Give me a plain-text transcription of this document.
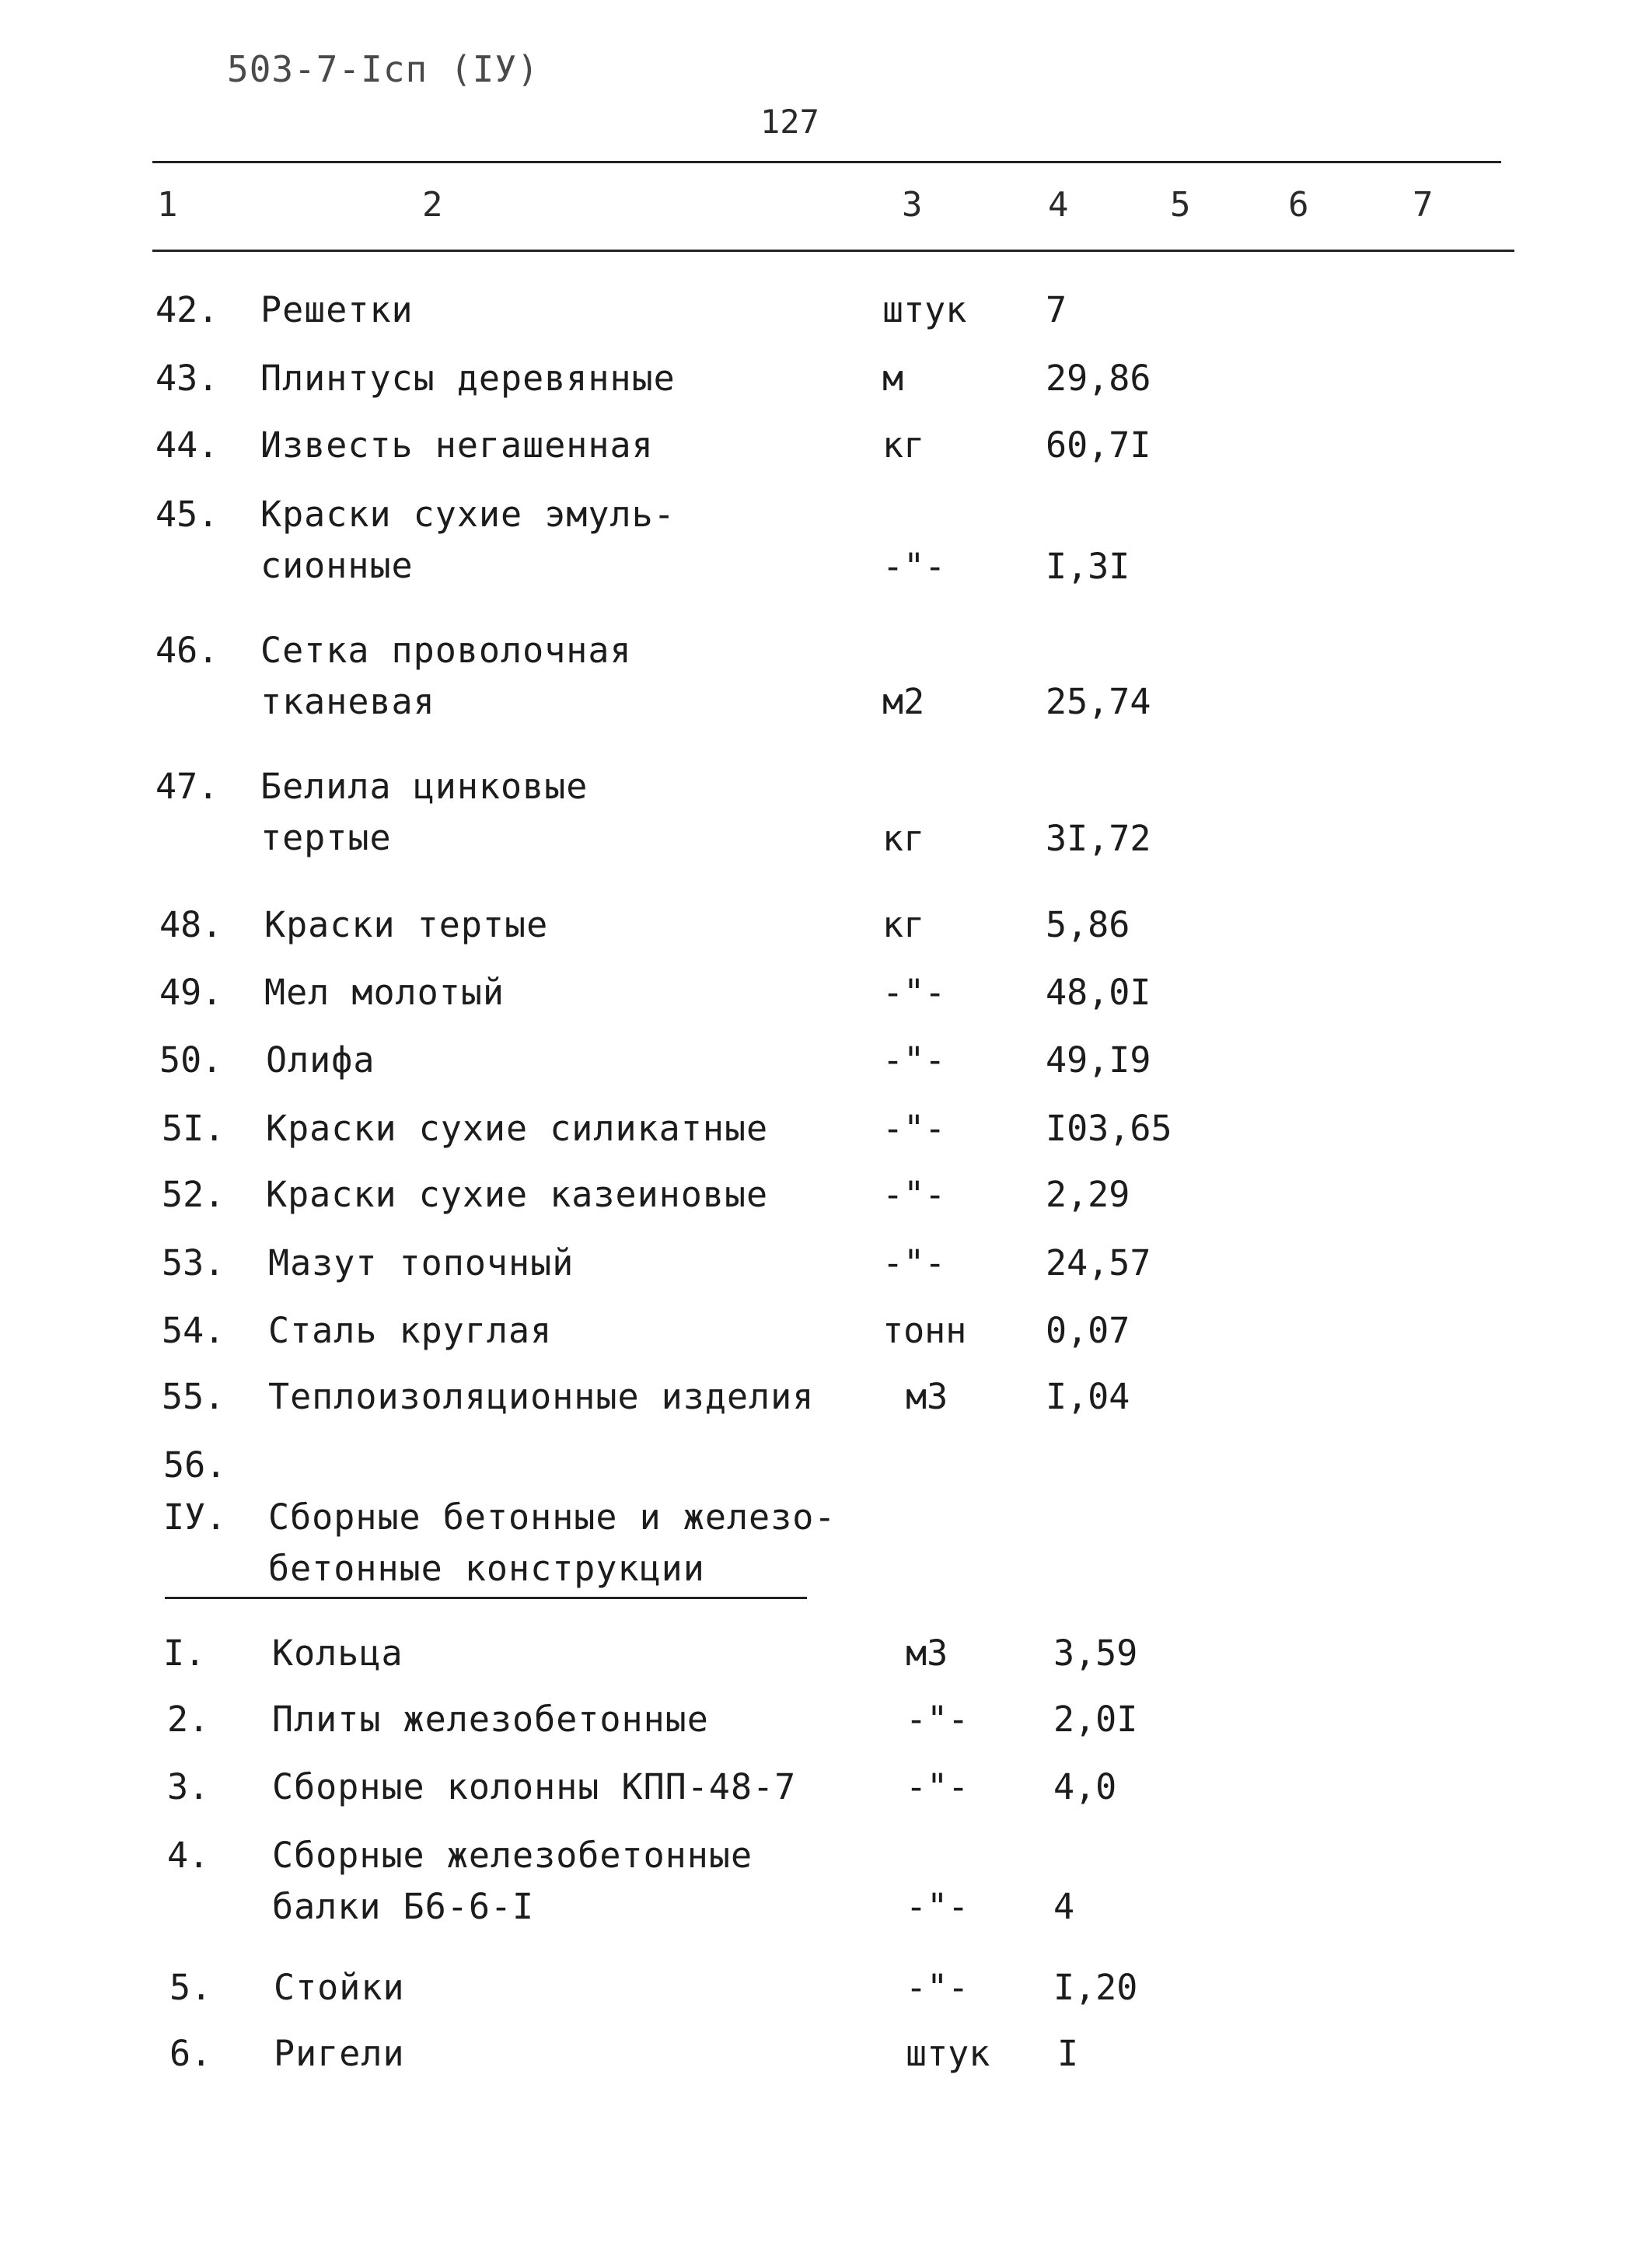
503-7-Iсп (IУ)
127
1	2	3	4	5	6	7
42. Решетки	штук 7
43. Плинтусы деревянные	м	29,86
44. Известь негашенная	кг	60,7I
45. Краски сухие эмуль-
сионные	-"-	I,3I
46. Сетка проволочная
тканевая	м2	25,74
47. Белила цинковые
тертые	кг	3I,72
48. Краски тертые	кг	5,86
49. Мел молотый	-"-	48,0I
50. Олифа	-"-	49,I9
5I. Краски сухие силикатные	-"-	I03,65
52. Краски сухие казеиновые	-"-	2,29
53. Мазут топочный	-"-	24,57
54. Сталь круглая	тонн 0,07
55. Теплоизоляционные изделия	м3	I,04
56.
IУ. Сборные бетонные и железо-
бетонные конструкции
I. Кольца	м3	3,59
2. Плиты железобетонные	-"- 2,0I
3. Сборные колонны КПП-48-7	-"- 4,0
4. Сборные железобетонные
балки Б6-6-I	-"- 4
5. Стойки	-"- I,20
6. Ригели	штук I
